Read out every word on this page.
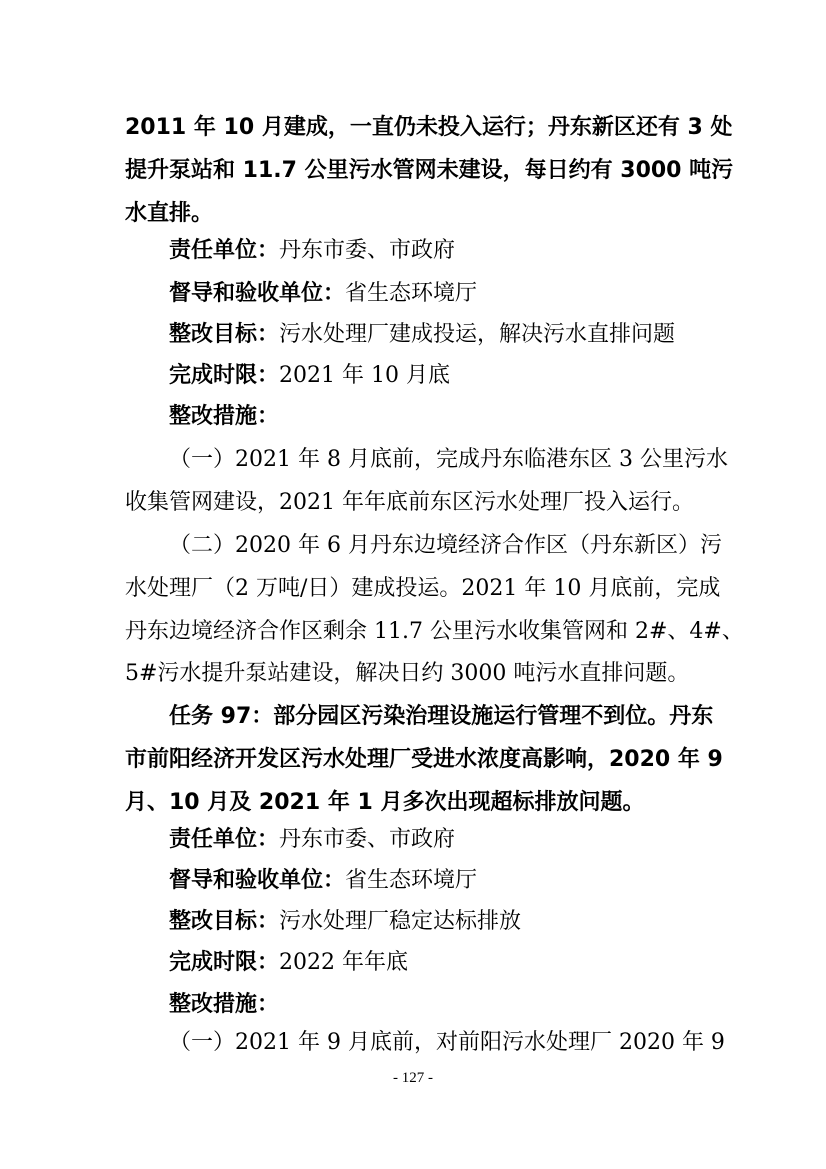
2011 年 10 月建成，一直仍未投入运行；丹东新区还有 3 处
提升泵站和 11.7 公里污水管网未建设，每日约有 3000 吨污
水直排。
责任单位：丹东市委、市政府
督导和验收单位：省生态环境厅
整改目标：污水处理厂建成投运，解决污水直排问题
完成时限：2021 年 10 月底
整改措施：
（一）2021 年 8 月底前，完成丹东临港东区 3 公里污水
收集管网建设，2021 年年底前东区污水处理厂投入运行。
（二）2020 年 6 月丹东边境经济合作区（丹东新区）污
水处理厂（2 万吨/日）建成投运。2021 年 10 月底前，完成
丹东边境经济合作区剩余 11.7 公里污水收集管网和 2#、4#、
5#污水提升泵站建设，解决日约 3000 吨污水直排问题。
任务 97：部分园区污染治理设施运行管理不到位。丹东
市前阳经济开发区污水处理厂受进水浓度高影响，2020 年 9
月、10 月及 2021 年 1 月多次出现超标排放问题。
责任单位：丹东市委、市政府
督导和验收单位：省生态环境厅
整改目标：污水处理厂稳定达标排放
完成时限：2022 年年底
整改措施：
（一）2021 年 9 月底前，对前阳污水处理厂 2020 年 9
- 127 -
